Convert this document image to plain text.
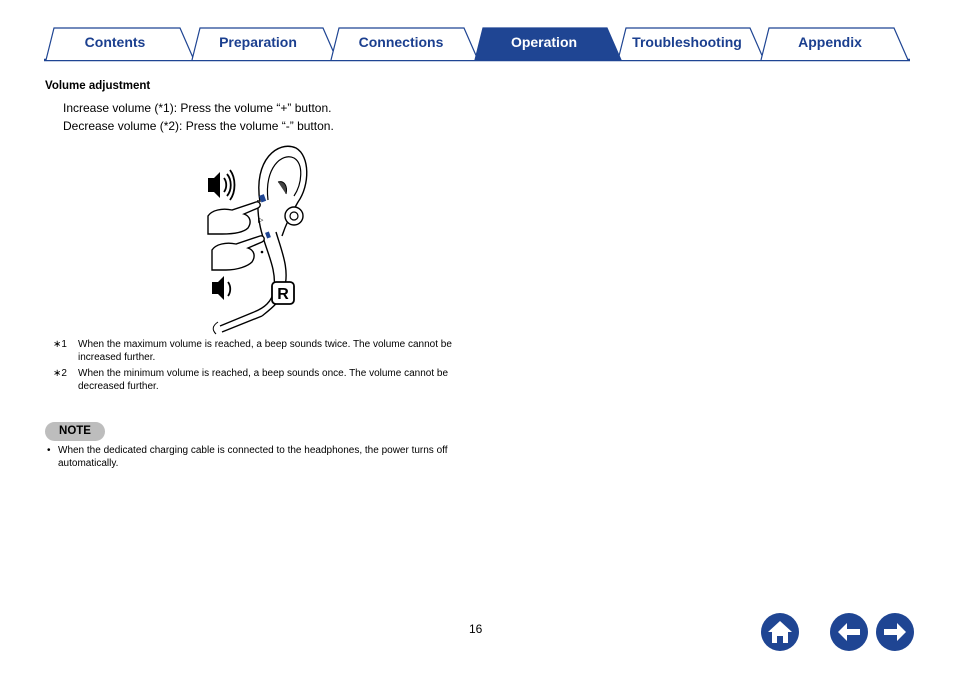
Contents	Preparation	Connections	Operation	Troubleshooting	Appendix
Volume adjustment
Increase volume (*1): Press the volume “+” button.
Decrease volume (*2): Press the volume “-” button.
▷
R
∗1	When the maximum volume is reached, a beep sounds twice. The volume cannot be increased further.
∗2	When the minimum volume is reached, a beep sounds once. The volume cannot be decreased further.
NOTE
• When the dedicated charging cable is connected to the headphones, the power turns off automatically.
16
